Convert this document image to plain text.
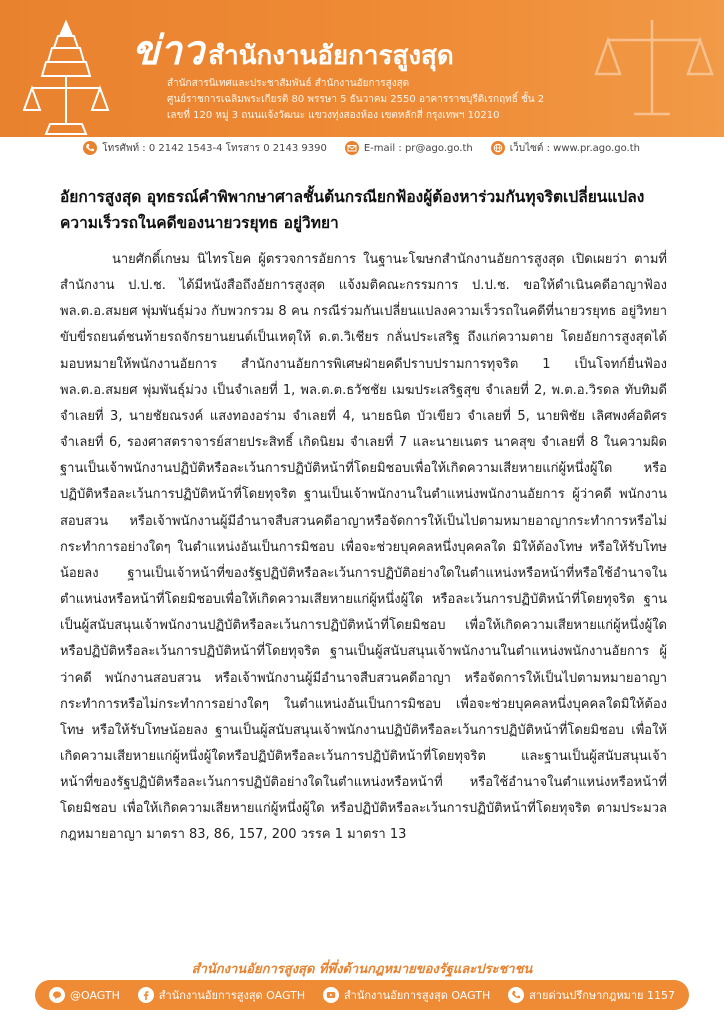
ข่าว สำนักงานอัยการสูงสุด
สำนักสารนิเทศและประชาสัมพันธ์ สำนักงานอัยการสูงสุด
ศูนย์ราชการเฉลิมพระเกียรติ 80 พรรษา 5 ธันวาคม 2550 อาคารราชบุรีดิเรกฤทธิ์ ชั้น 2
เลขที่ 120 หมู่ 3 ถนนแจ้งวัฒนะ แขวงทุ่งสองห้อง เขตหลักสี่ กรุงเทพฯ 10210
โทรศัพท์ : 0 2142 1543-4 โทรสาร 0 2143 9390	E-mail : pr@ago.go.th	เว็บไซต์ : www.pr.ago.go.th
อัยการสูงสุด อุทธรณ์คำพิพากษาศาลชั้นต้นกรณียกฟ้องผู้ต้องหาร่วมกันทุจริตเปลี่ยนแปลงความเร็วรถในคดีของนายวรยุทธ อยู่วิทยา
นายศักดิ์เกษม นิไทรโยค ผู้ตรวจการอัยการ ในฐานะโฆษกสำนักงานอัยการสูงสุด เปิดเผยว่า ตามที่สำนักงาน ป.ป.ช. ได้มีหนังสือถึงอัยการสูงสุด แจ้งมติคณะกรรมการ ป.ป.ช. ขอให้ดำเนินคดีอาญาฟ้อง พล.ต.อ.สมยศ พุ่มพันธุ์ม่วง กับพวกรวม 8 คน กรณีร่วมกันเปลี่ยนแปลงความเร็วรถในคดีที่นายวรยุทธ อยู่วิทยา ขับขี่รถยนต์ชนท้ายรถจักรยานยนต์เป็นเหตุให้ ด.ต.วิเชียร กลั่นประเสริฐ ถึงแก่ความตาย โดยอัยการสูงสุดได้มอบหมายให้พนักงานอัยการ สำนักงานอัยการพิเศษฝ่ายคดีปราบปรามการทุจริต 1 เป็นโจทก์ยื่นฟ้อง พล.ต.อ.สมยศ พุ่มพันธุ์ม่วง เป็นจำเลยที่ 1, พล.ต.ต.ธวัชชัย เมฆประเสริฐสุข จำเลยที่ 2, พ.ต.อ.วิรดล ทับทิมดี จำเลยที่ 3, นายชัยณรงค์ แสงทองอร่าม จำเลยที่ 4, นายธนิต บัวเขียว จำเลยที่ 5, นายพิชัย เลิศพงศ์อดิศร จำเลยที่ 6, รองศาสตราจารย์สายประสิทธิ์ เกิดนิยม จำเลยที่ 7 และนายเนตร นาคสุข จำเลยที่ 8 ในความผิดฐานเป็นเจ้าพนักงานปฏิบัติหรือละเว้นการปฏิบัติหน้าที่โดยมิชอบเพื่อให้เกิดความเสียหายแก่ผู้หนึ่งผู้ใด หรือปฏิบัติหรือละเว้นการปฏิบัติหน้าที่โดยทุจริต ฐานเป็นเจ้าพนักงานในตำแหน่งพนักงานอัยการ ผู้ว่าคดี พนักงานสอบสวน หรือเจ้าพนักงานผู้มีอำนาจสืบสวนคดีอาญาหรือจัดการให้เป็นไปตามหมายอาญากระทำการหรือไม่กระทำการอย่างใดๆ ในตำแหน่งอันเป็นการมิชอบ เพื่อจะช่วยบุคคลหนึ่งบุคคลใด มิให้ต้องโทษ หรือให้รับโทษน้อยลง ฐานเป็นเจ้าหน้าที่ของรัฐปฏิบัติหรือละเว้นการปฏิบัติอย่างใดในตำแหน่งหรือหน้าที่หรือใช้อำนาจในตำแหน่งหรือหน้าที่โดยมิชอบเพื่อให้เกิดความเสียหายแก่ผู้หนึ่งผู้ใด หรือละเว้นการปฏิบัติหน้าที่โดยทุจริต ฐานเป็นผู้สนับสนุนเจ้าพนักงานปฏิบัติหรือละเว้นการปฏิบัติหน้าที่โดยมิชอบ เพื่อให้เกิดความเสียหายแก่ผู้หนึ่งผู้ใด หรือปฏิบัติหรือละเว้นการปฏิบัติหน้าที่โดยทุจริต ฐานเป็นผู้สนับสนุนเจ้าพนักงานในตำแหน่งพนักงานอัยการ ผู้ว่าคดี พนักงานสอบสวน หรือเจ้าพนักงานผู้มีอำนาจสืบสวนคดีอาญา หรือจัดการให้เป็นไปตามหมายอาญากระทำการหรือไม่กระทำการอย่างใดๆ ในตำแหน่งอันเป็นการมิชอบ เพื่อจะช่วยบุคคลหนึ่งบุคคลใดมิให้ต้องโทษ หรือให้รับโทษน้อยลง ฐานเป็นผู้สนับสนุนเจ้าพนักงานปฏิบัติหรือละเว้นการปฏิบัติหน้าที่โดยมิชอบ เพื่อให้เกิดความเสียหายแก่ผู้หนึ่งผู้ใดหรือปฏิบัติหรือละเว้นการปฏิบัติหน้าที่โดยทุจริต และฐานเป็นผู้สนับสนุนเจ้าหน้าที่ของรัฐปฏิบัติหรือละเว้นการปฏิบัติอย่างใดในตำแหน่งหรือหน้าที่ หรือใช้อำนาจในตำแหน่งหรือหน้าที่โดยมิชอบ เพื่อให้เกิดความเสียหายแก่ผู้หนึ่งผู้ใด หรือปฏิบัติหรือละเว้นการปฏิบัติหน้าที่โดยทุจริต ตามประมวลกฎหมายอาญา มาตรา 83, 86, 157, 200 วรรค 1 มาตรา 13
สำนักงานอัยการสูงสุด ที่พึ่งด้านกฎหมายของรัฐและประชาชน
@OAGTH	สำนักงานอัยการสูงสุด OAGTH	สำนักงานอัยการสูงสุด OAGTH	สายด่วนปรึกษากฎหมาย 1157
